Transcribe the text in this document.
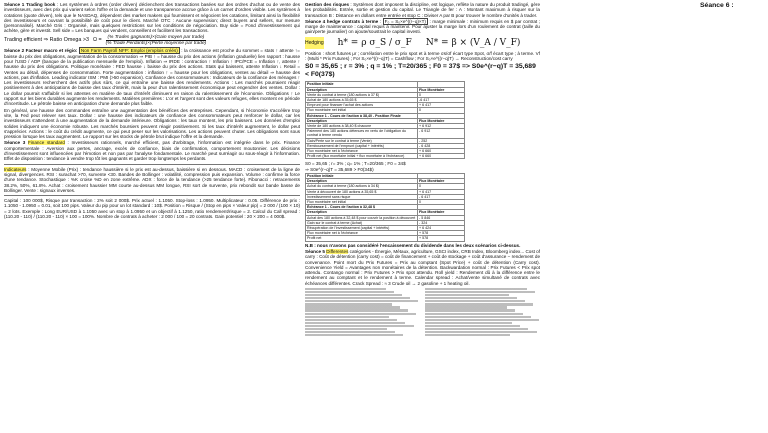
Séance 1 Trading book : Les systèmes à ordres (order driven) déclenchent des transactions basées sur des ordres d'achat ou de vente des investisseurs, avec des prix qui varient selon l'offre et la demande et une transparence accrue grâce à un carnet d'ordres visible. Les systèmes à cotations (quote driven), tels que le NASDAQ, dépendent des market makers qui fournissent et négocient les cotations, limitant ainsi la flexibilité des investisseurs et ouvrant la possibilité de coût pour le client. Marché OTC : Aucune supervision; direct buyers and sellers, sur mesure (personnalisé). Marché Gris : Organisé, mais quelques restrictions sur les conditions de négociation. Buy side = Fond d'investissement qui achète, gère et investit. Sell side = Les banques qui vendent, conseillent et facilitent les transactions.

Trading efficient ⇒ Ratio Omega >3 Ω = (% Trades gagnants)×(Gain moyen par trade)
(% Trade Perdants)×(Perte moyenne par trade)

Séance 2 Facteur macro et régio: Non Farm Payroll NFP: Emploi (emplois créés) : la croissance est proche du sommet = stats ↑ attente ↑= baisse du prix des obligations, augmentation de la consommation ⇒ PIB ↑ = hausse du prix des actions (inflation graduelle) lien rapport : hausse pour l'USD / ADP (banque de la publication mensuelle de l'emploi). Inflation ⇒ IRDE : contraction ↑ Inflation ↑ IPC/PCE = Inflation ↑, attente ↑ hausse du prix des obligations. Politique monétaire : FED hausse ↓ baisse du prix des actions. Stats qui baissent, attente Inflation ↓ Retail = Ventes au détail, dépenses de consommation. Forte augmentation : inflation ↑ = hausse pour les obligations, ventes au détail ⇒ hausse des actions, pas d'inflation. Leading indicator ISM : PMI (>50 expansion). Confiance des consommateurs : Indicateurs de la confiance des ménages ↑ Les investisseurs recherchent des actifs plus sûrs, ce qui entraîne une baisse des rendements. Actions : Les marchés pourraient réagir positivement à des anticipations de baisse des taux d'intérêt, mais la peur d'un ralentissement économique peut engendrer des ventes. Dollar : Le dollar pourrait s'affaiblir si les attentes en matière de taux d'intérêt diminuent en raison du ralentissement de l'économie. Obligations ↑ Le rapport sur les biens durables augmente les rendements. Matières premières : L'or et l'argent sont des valeurs refuges, elles montent en période d'incertitude. Le pétrole baisse en anticipation d'une demande plus faible.

En général, une hausse des commandes entraîne une augmentation des bénéfices des entreprises. Cependant, si l'économie s'accélère trop vite, la Fed peut relever ses taux. Dollar : une hausse des indicateurs de confiance des consommateurs peut renforcer le dollar, car les investisseurs s'attendent à une augmentation de la demande intérieure. Obligations : les taux montent, les prix baissent. Les données d'emploi solides indiquent une économie robuste. Les marchés boursiers peuvent réagir positivement. Si les taux d'intérêt augmentent, le dollar peut s'apprécier. Actions : le coût du crédit augmente, ce qui peut peser sur les valorisations. Les actions peuvent chuter. Les obligations sont sous pression lorsque les taux augmentent. Le rapport sur les stocks de pétrole brut indique l'offre et la demande.

Séance 3 Finance standard : Investisseurs rationnels, marché efficient, pas d'arbitrage, l'information est intégrée dans le prix. Finance comportementale : Aversion aux pertes, ancrage, excès de confiance, biais de confirmation, comportement moutonnier. Les décisions d'investissement sont influencées par l'émotion et non pas par l'analyse fondamentale. Le marché peut surréagir ou sous-réagir à l'information. Effet de disposition : tendance à vendre trop tôt les gagnants et garder trop longtemps les perdants.

Indicateurs : Moyenne Mobile (Prix) : tendance haussière si le prix est au-dessus, baissière si en dessous. MACD : croisement de la ligne de signal, divergences. RSI : surachat >70, survente <30. Bandes de Bollinger : volatilité, compression puis expansion. Volume : confirme la force d'une tendance. Stochastique : %K croise %D en zone extrême. ADX : force de la tendance (>25 tendance forte). Fibonacci : retracements 38.2%, 50%, 61.8%. Achat : croisement haussier MM courte au-dessus MM longue, RSI sort de survente, prix rebondit sur bande basse de Bollinger. Vente : signaux inverses.

Capital : 100 000$, Risque par transaction : 2% soit 2 000$. Prix actuel : 1.1050. Stop-loss : 1.0950. Multiplicateur : 0.05. Différence de prix : 1.1050 - 1.0950 = 0.01, soit 100 pips. Valeur du pip pour un lot standard : 10$. Position = Risque / (Stop en pips × Valeur pip) = 2 000 / (100 × 10) = 2 lots. Exemple : Long EUR/USD à 1.1050 avec un stop à 1.0950 et un objectif à 1.1250, ratio rendement/risque = 2. Calcul du Call spread : (110.20 - 110) / (110.20 - 110) × 100 = 100%. Nombre de contrats à acheter : 2 000 / 100 = 20 contrats. Gain potentiel : 20 × 200 = 4 000$.

Gestion des risques : Systèmes dont imposent la discipline, est logique, reflète la nature du produit tradingé, gère les probabilités. Entrée, sortie et gestion du capital. Le Triangle de fer : A : Montant maximum à risquer sur la transaction B : Distance en dollars entre entrée et stop C : Diviser A par B pour trouver le nombre d'unités à trader.

Séance 4 hedge contrats à terme : F₀ = S₀×e^((r−q)×T) : marge minimale : minimum requis en $ par contrat ; marge de maintenance : capital requis à maintenir. Pour ajuster la marge lors d'un roulement de contrat (taille du gain/perte journalier) on ajoute/soustrait le capital investi.

Hedging h* = ρ σ_S / σ_F N* = β × (V_A / V_F)

Position : short futures μr ; corrélation entre le prix spot et à terme σs/σf écart type Spot, σ/f écart type ; à terme. Vf : (Multi * Prix Futures) ; For S₀×e^((r−q)T) = Cashflow ; For S₀×e^((r−q)T) → Reconstruction/cost carry

S0 = 35,65 ; r = 3% ; q = 1% ; T=20/365 ; F0 = 37$ => S0e^(r−q)T = 35,689 < F0(37$)
Position initiale	
Description	Flux Monétaire
Vente du contrat à terme (180 actions à 37 $)	0
Achat de 180 actions à 35,65 $	-6 417
Emprunt pour financer l'achat des actions	+ 6 417
Flux monétaire net initial	0
Échéance 1 - Cours de l'action à 38,40 - Position Finale	
Description	Flux Monétaire
Vente de 180 actions à 38,40 $ chacune	+ 6 912
Paiement des 180 actions détenues en vertu de l'obligation du contrat à terme vendu	- 6 912
Gain/Perte sur le contrat à terme (Vente)	- 252
Remboursement de l'emprunt (capital + intérêts)	- 6 428
Flux monétaire net à l'échéance	+ 6 660
Profit net (flux monétaire initial + flux monétaire à l'échéance)	+ 6 660
S0 = 35,65 ; r= 3% ; q= 1% ; T=20/365 ; F0 = 34$
⇒ S0e^(r−q)T = 35,689 > F0(34$)
Position initiale	
Description	Flux Monétaire
Achat du contrat à terme (180 actions à 34 $)	0
Vente à découvert de 180 actions à 35,65 $	+ 6 417
Investissement sans risque	- 6 417
Flux monétaire net initial	0
Échéance 1 - Cours de l'action à 32,48 $	
Description	Flux Monétaire
Achat des 180 actions à 32,48 $ pour couvrir la position à découvert	- 5 846
Gain sur le contrat à terme (Achat)	- 324
Récupération de l'investissement (capital + intérêts)	+ 6 424
Flux monétaire net à l'échéance	+ 578
Profit net	+ 578

N.B : nous n'avons pas considéré l'encaissement du dividende dans les deux scénarios ci-dessus.

Séance 5 Differentes catégories - Énergie, Métaux, agriculture, GSCI index, CRB Index, Bloomberg index... Cost of carry : Coût de détention (carry cost) = coût de financement + coût de stockage + coût d'assurance − rendement de convenance. Point mort du Prix Futures = Prix au comptant (Spot Price) + coût de détention (Carry cost). Convenience Yield = Avantages non monétaires de la détention. Backwardation normal : Prix Futures < Prix spot attendu. Contango normal : Prix Futures > Prix spot attendu. Roll yield : Rendement dû à la différence entre le rendement au comptant et le rendement à terme. Calendar spread : Achat/vente simultané de contrats avec échéances différentes. Crack Spread : ≈ 3 Crude oil → 2 gasoline + 1 heating oil.

Séance 6 :
